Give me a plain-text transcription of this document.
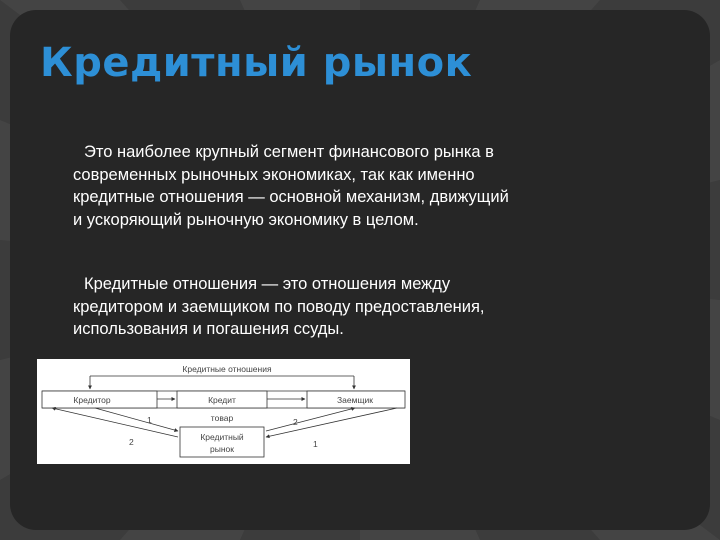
Кредитный рынок
Это наиболее крупный сегмент финансового рынка в
современных рыночных экономиках, так как именно
кредитные отношения — основной механизм, движущий
и ускоряющий рыночную экономику в целом.
Кредитные отношения — это отношения между
кредитором и заемщиком по поводу предоставления,
использования и погашения ссуды.
Кредитные отношения
Кредитор	Кредит
товар
Заемщик
Кредитный
рынок
1
2
2
1
